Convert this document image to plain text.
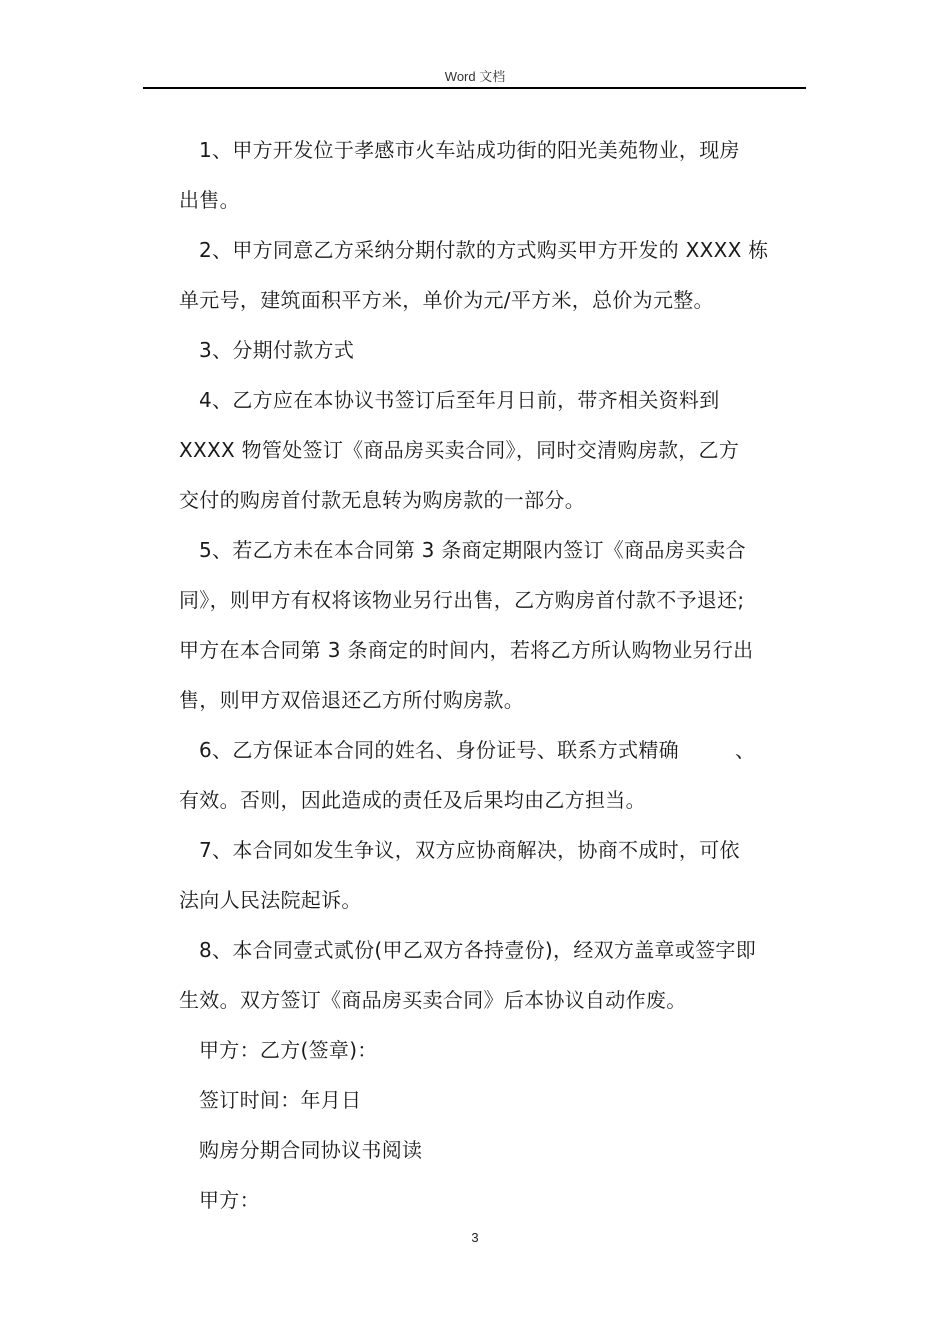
Word 文档
1、甲方开发位于孝感市火车站成功街的阳光美苑物业，现房
出售。
2、甲方同意乙方采纳分期付款的方式购买甲方开发的 XXXX 栋
单元号，建筑面积平方米，单价为元/平方米，总价为元整。
3、分期付款方式
4、乙方应在本协议书签订后至年月日前，带齐相关资料到
XXXX 物管处签订《商品房买卖合同》，同时交清购房款，乙方
交付的购房首付款无息转为购房款的一部分。
5、若乙方未在本合同第 3 条商定期限内签订《商品房买卖合
同》，则甲方有权将该物业另行出售，乙方购房首付款不予退还;
甲方在本合同第 3 条商定的时间内，若将乙方所认购物业另行出
售，则甲方双倍退还乙方所付购房款。
6、乙方保证本合同的姓名、身份证号、联系方式精确	、
有效。否则，因此造成的责任及后果均由乙方担当。
7、本合同如发生争议，双方应协商解决，协商不成时，可依
法向人民法院起诉。
8、本合同壹式贰份(甲乙双方各持壹份)，经双方盖章或签字即
生效。双方签订《商品房买卖合同》后本协议自动作废。
甲方：乙方(签章)：
签订时间：年月日
购房分期合同协议书阅读
甲方：
3
